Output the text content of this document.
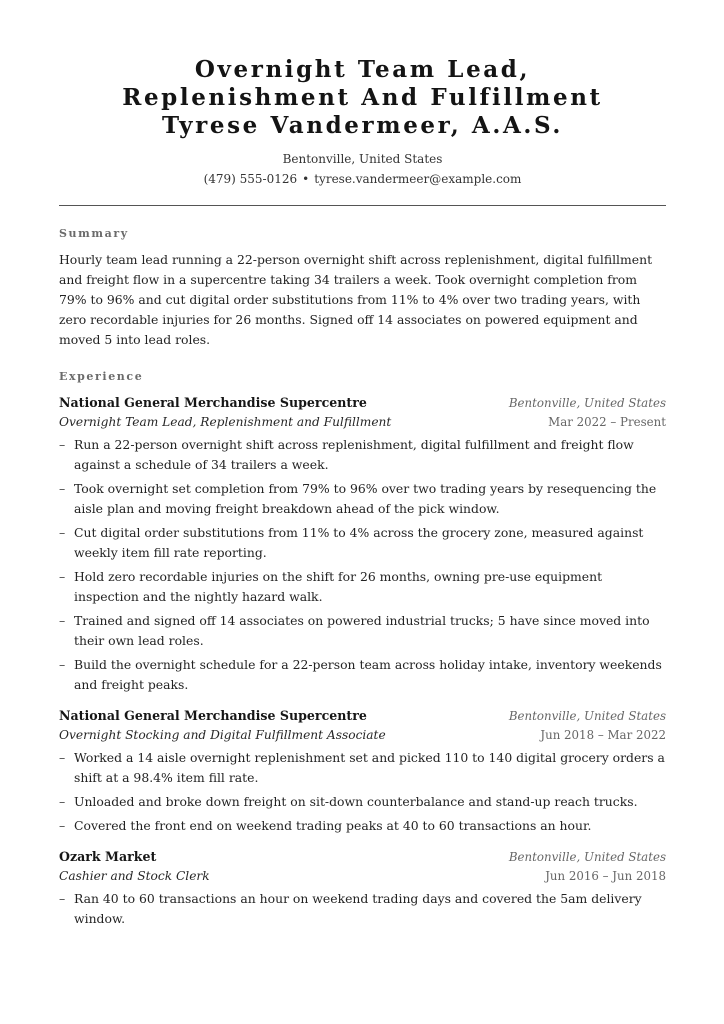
Overnight Team Lead,
Replenishment And Fulfillment
Tyrese Vandermeer, A.A.S.
Bentonville, United States
(479) 555-0126 • tyrese.vandermeer@example.com
Summary
Hourly team lead running a 22-person overnight shift across replenishment, digital fulfillment and freight flow in a supercentre taking 34 trailers a week. Took overnight completion from 79% to 96% and cut digital order substitutions from 11% to 4% over two trading years, with zero recordable injuries for 26 months. Signed off 14 associates on powered equipment and moved 5 into lead roles.
Experience
National General Merchandise Supercentre	Bentonville, United States
Overnight Team Lead, Replenishment and Fulfillment	Mar 2022 – Present
– Run a 22-person overnight shift across replenishment, digital fulfillment and freight flow against a schedule of 34 trailers a week.
– Took overnight set completion from 79% to 96% over two trading years by resequencing the aisle plan and moving freight breakdown ahead of the pick window.
– Cut digital order substitutions from 11% to 4% across the grocery zone, measured against weekly item fill rate reporting.
– Hold zero recordable injuries on the shift for 26 months, owning pre-use equipment inspection and the nightly hazard walk.
– Trained and signed off 14 associates on powered industrial trucks; 5 have since moved into their own lead roles.
– Build the overnight schedule for a 22-person team across holiday intake, inventory weekends and freight peaks.
National General Merchandise Supercentre	Bentonville, United States
Overnight Stocking and Digital Fulfillment Associate	Jun 2018 – Mar 2022
– Worked a 14 aisle overnight replenishment set and picked 110 to 140 digital grocery orders a shift at a 98.4% item fill rate.
– Unloaded and broke down freight on sit-down counterbalance and stand-up reach trucks.
– Covered the front end on weekend trading peaks at 40 to 60 transactions an hour.
Ozark Market	Bentonville, United States
Cashier and Stock Clerk	Jun 2016 – Jun 2018
– Ran 40 to 60 transactions an hour on weekend trading days and covered the 5am delivery window.
